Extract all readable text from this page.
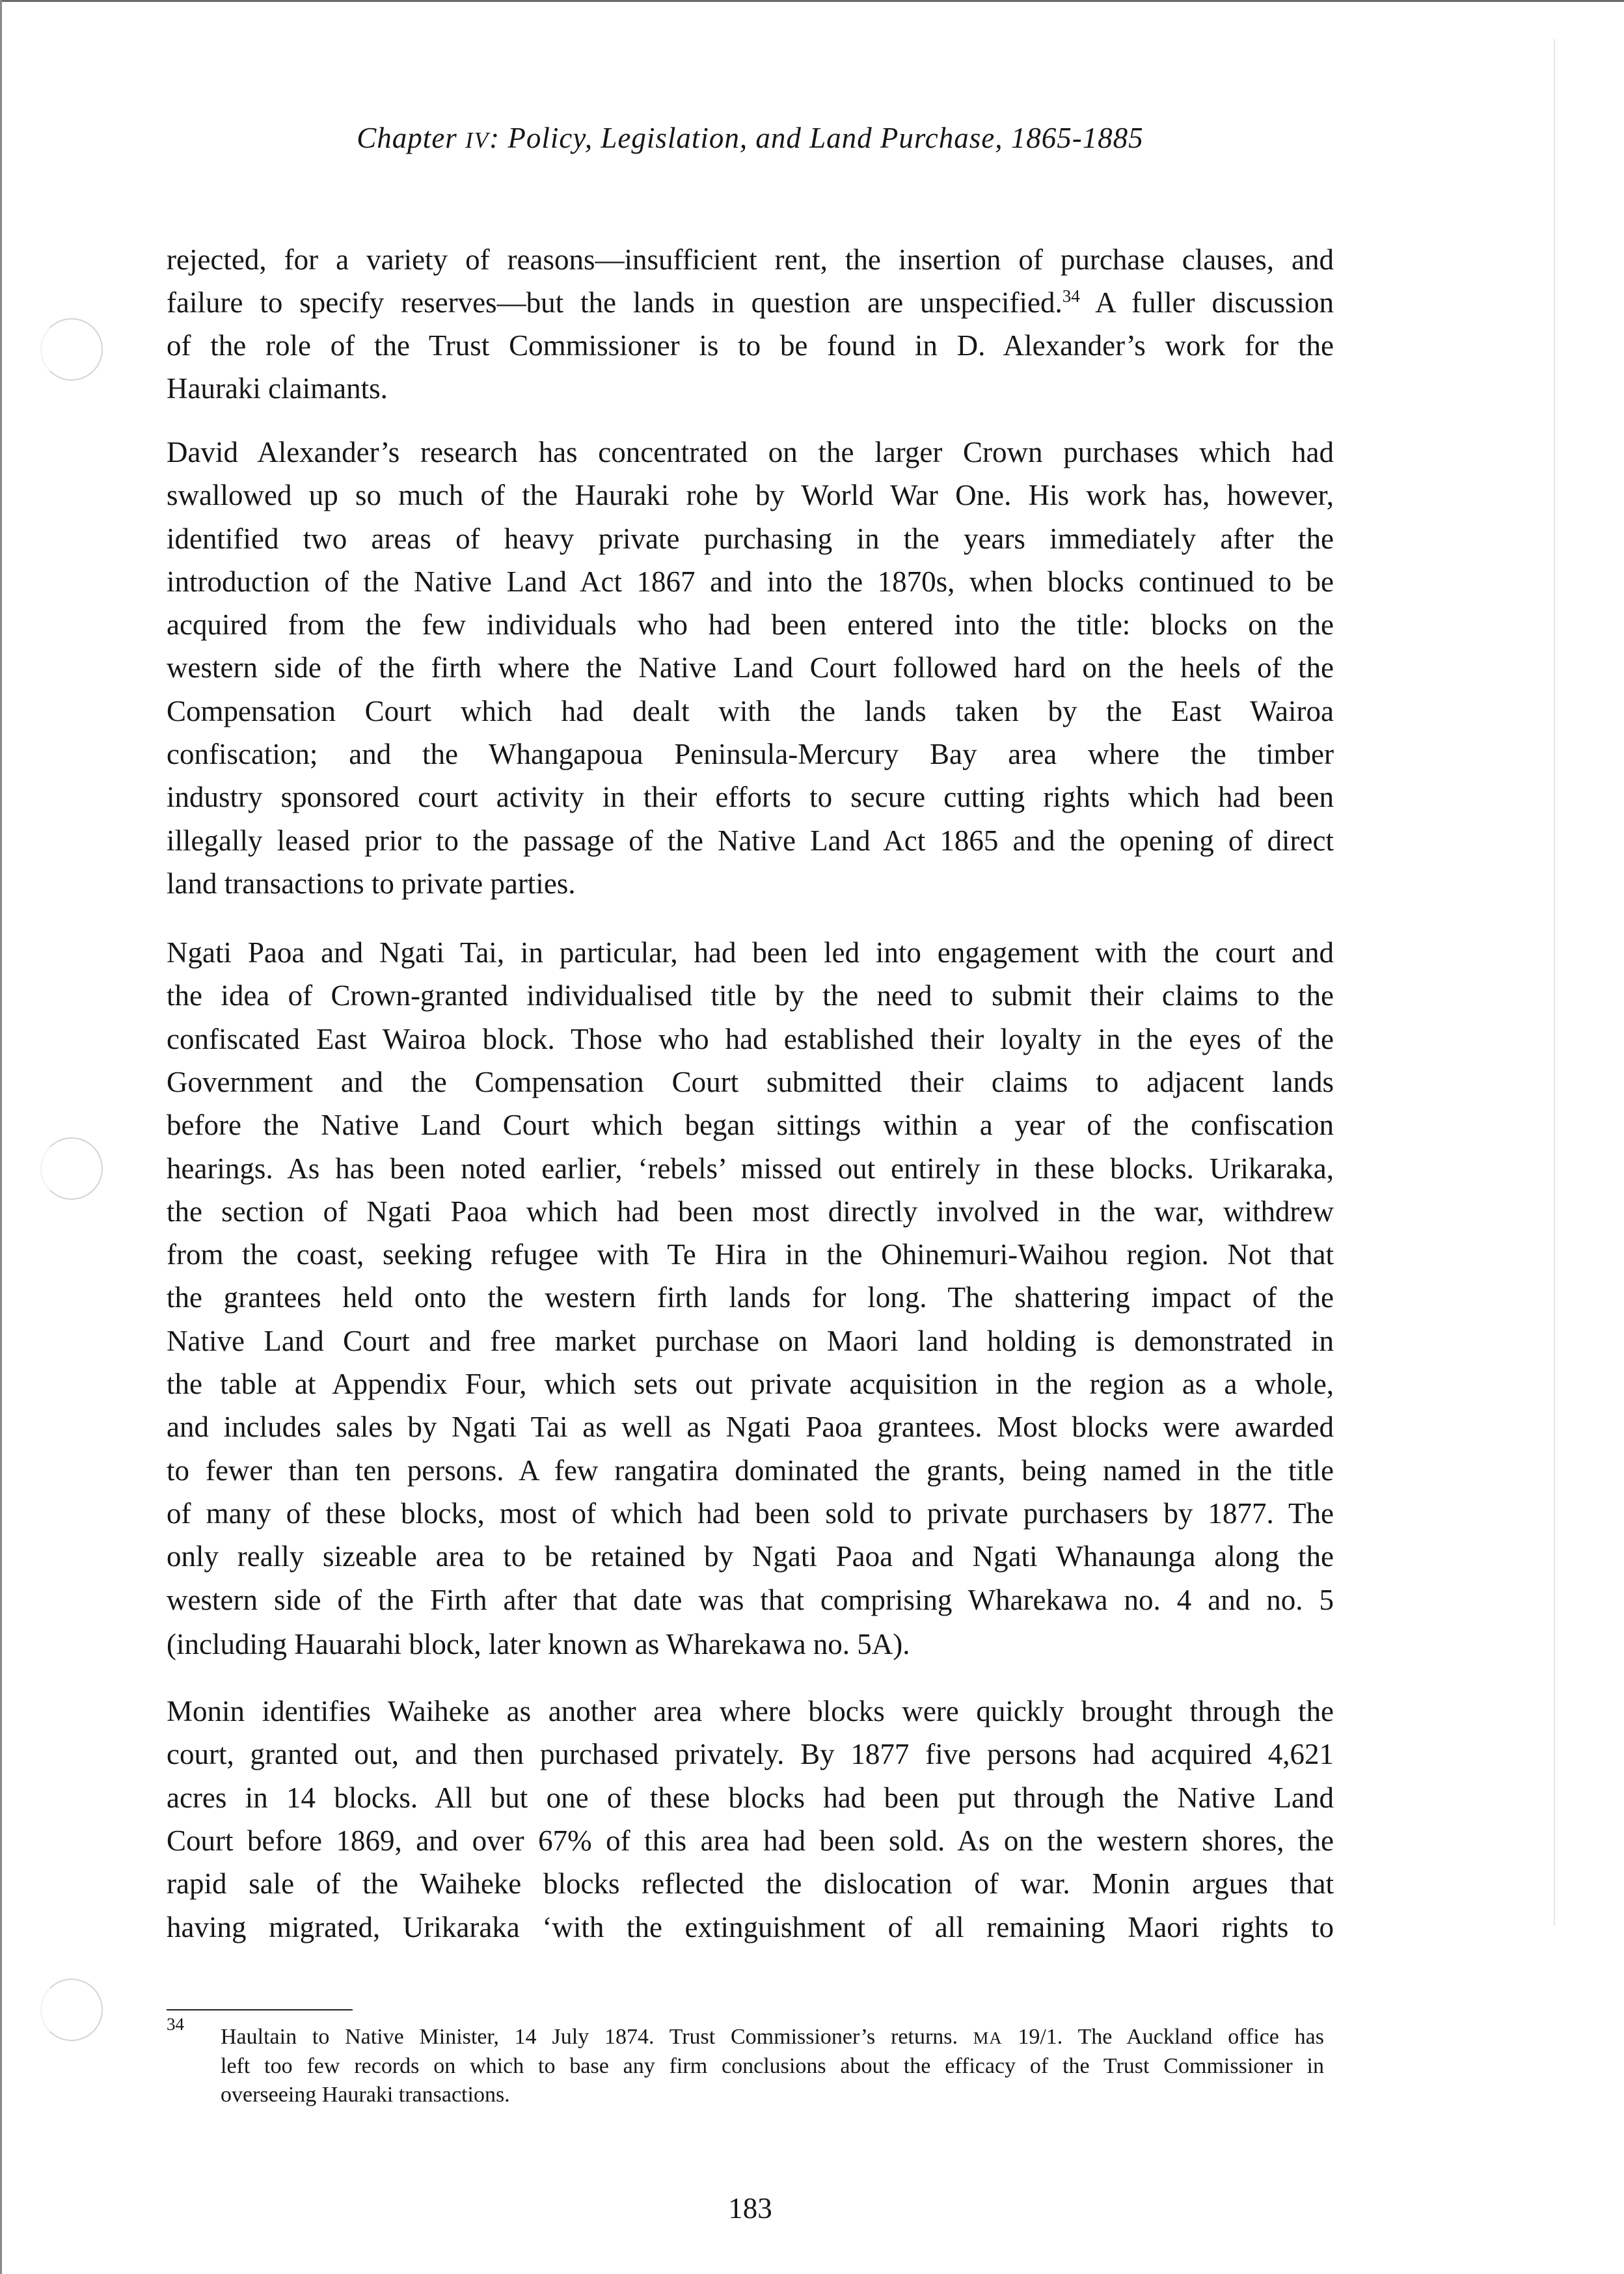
Chapter IV: Policy, Legislation, and Land Purchase, 1865-1885
rejected, for a variety of reasons—insufficient rent, the insertion of purchase clauses, and
failure to specify reserves—but the lands in question are unspecified.$^{34}$ A fuller discussion
of the role of the Trust Commissioner is to be found in D. Alexander’s work for the
Hauraki claimants.
David Alexander’s research has concentrated on the larger Crown purchases which had
swallowed up so much of the Hauraki rohe by World War One. His work has, however,
identified two areas of heavy private purchasing in the years immediately after the
introduction of the Native Land Act 1867 and into the 1870s, when blocks continued to be
acquired from the few individuals who had been entered into the title: blocks on the
western side of the firth where the Native Land Court followed hard on the heels of the
Compensation Court which had dealt with the lands taken by the East Wairoa
confiscation; and the Whangapoua Peninsula-Mercury Bay area where the timber
industry sponsored court activity in their efforts to secure cutting rights which had been
illegally leased prior to the passage of the Native Land Act 1865 and the opening of direct
land transactions to private parties.
Ngati Paoa and Ngati Tai, in particular, had been led into engagement with the court and
the idea of Crown-granted individualised title by the need to submit their claims to the
confiscated East Wairoa block. Those who had established their loyalty in the eyes of the
Government and the Compensation Court submitted their claims to adjacent lands
before the Native Land Court which began sittings within a year of the confiscation
hearings. As has been noted earlier, ‘rebels’ missed out entirely in these blocks. Urikaraka,
the section of Ngati Paoa which had been most directly involved in the war, withdrew
from the coast, seeking refugee with Te Hira in the Ohinemuri-Waihou region. Not that
the grantees held onto the western firth lands for long. The shattering impact of the
Native Land Court and free market purchase on Maori land holding is demonstrated in
the table at Appendix Four, which sets out private acquisition in the region as a whole,
and includes sales by Ngati Tai as well as Ngati Paoa grantees. Most blocks were awarded
to fewer than ten persons. A few rangatira dominated the grants, being named in the title
of many of these blocks, most of which had been sold to private purchasers by 1877. The
only really sizeable area to be retained by Ngati Paoa and Ngati Whanaunga along the
western side of the Firth after that date was that comprising Wharekawa no. 4 and no. 5
(including Hauarahi block, later known as Wharekawa no. 5A).
Monin identifies Waiheke as another area where blocks were quickly brought through the
court, granted out, and then purchased privately. By 1877 five persons had acquired 4,621
acres in 14 blocks. All but one of these blocks had been put through the Native Land
Court before 1869, and over 67% of this area had been sold. As on the western shores, the
rapid sale of the Waiheke blocks reflected the dislocation of war. Monin argues that
having migrated, Urikaraka ‘with the extinguishment of all remaining Maori rights to
34
Haultain to Native Minister, 14 July 1874. Trust Commissioner’s returns. MA 19/1. The Auckland office has
left too few records on which to base any firm conclusions about the efficacy of the Trust Commissioner in
overseeing Hauraki transactions.
183
